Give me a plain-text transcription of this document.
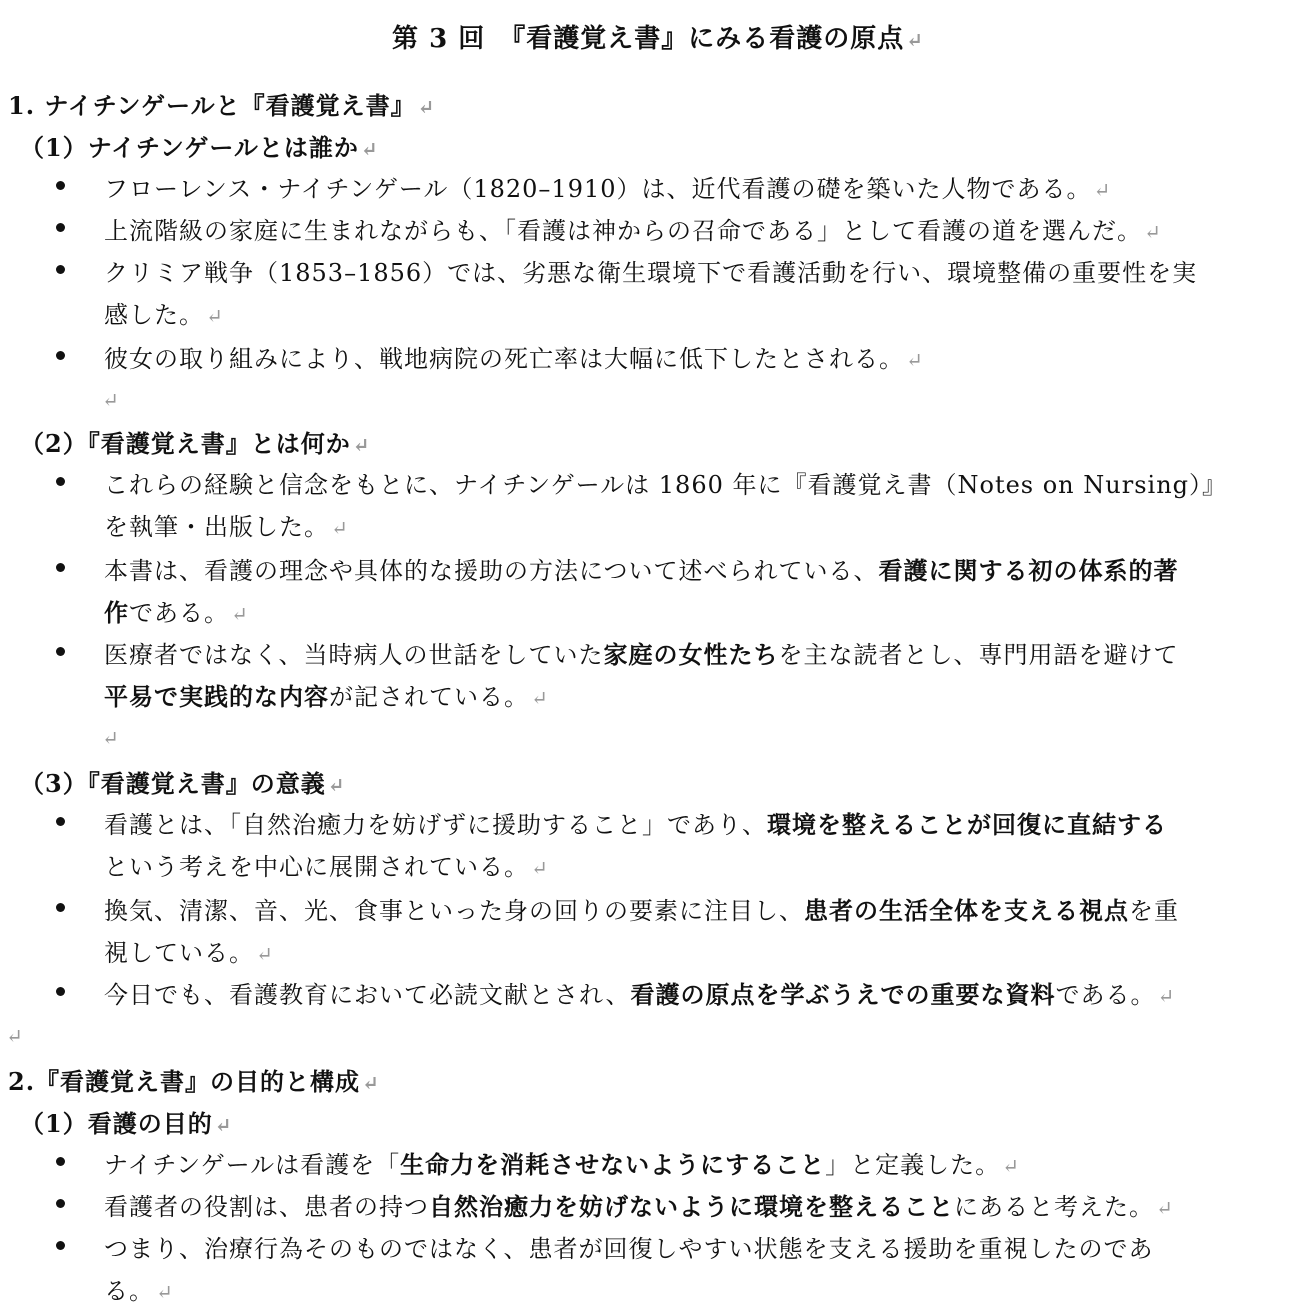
第 3 回　『看護覚え書』にみる看護の原点 ↵
1. ナイチンゲールと『看護覚え書』 ↵
（1）ナイチンゲールとは誰か ↵
フローレンス・ナイチンゲール（1820–1910）は、近代看護の礎を築いた人物である。 ↵
上流階級の家庭に生まれながらも、「看護は神からの召命である」として看護の道を選んだ。 ↵
クリミア戦争（1853–1856）では、劣悪な衛生環境下で看護活動を行い、環境整備の重要性を実
感した。 ↵
彼女の取り組みにより、戦地病院の死亡率は大幅に低下したとされる。 ↵
↵
（2）『看護覚え書』とは何か ↵
これらの経験と信念をもとに、ナイチンゲールは 1860 年に『看護覚え書（Notes on Nursing）』
を執筆・出版した。 ↵
本書は、看護の理念や具体的な援助の方法について述べられている、看護に関する初の体系的著
作である。 ↵
医療者ではなく、当時病人の世話をしていた家庭の女性たちを主な読者とし、専門用語を避けて
平易で実践的な内容が記されている。 ↵
↵
（3）『看護覚え書』の意義 ↵
看護とは、「自然治癒力を妨げずに援助すること」であり、環境を整えることが回復に直結する
という考えを中心に展開されている。 ↵
換気、清潔、音、光、食事といった身の回りの要素に注目し、患者の生活全体を支える視点を重
視している。 ↵
今日でも、看護教育において必読文献とされ、看護の原点を学ぶうえでの重要な資料である。 ↵
↵
2.『看護覚え書』の目的と構成 ↵
（1）看護の目的 ↵
ナイチンゲールは看護を「生命力を消耗させないようにすること」と定義した。 ↵
看護者の役割は、患者の持つ自然治癒力を妨げないように環境を整えることにあると考えた。 ↵
つまり、治療行為そのものではなく、患者が回復しやすい状態を支える援助を重視したのであ
る。 ↵
